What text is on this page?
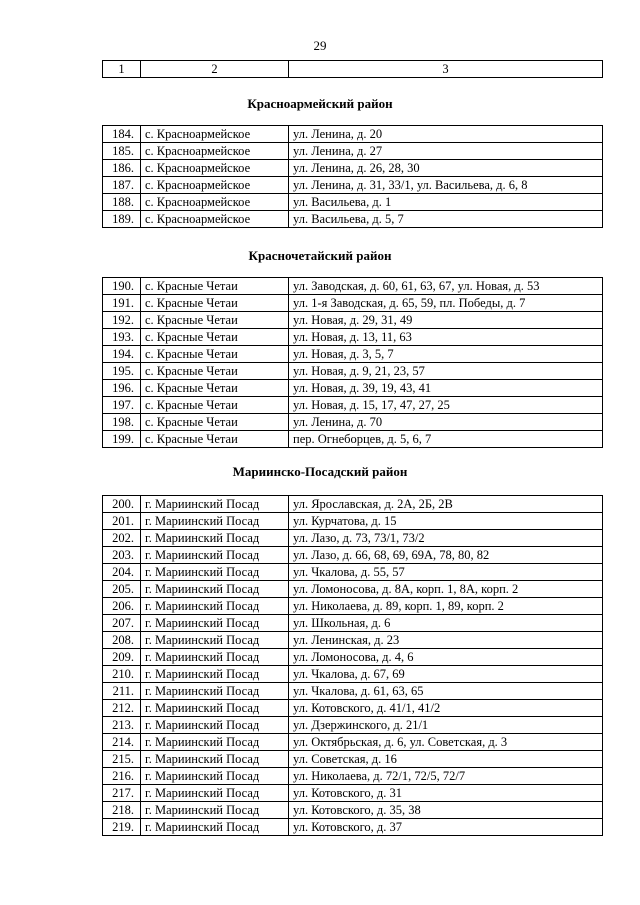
29
1	2	3
Красноармейский район
184.	с. Красноармейское	ул. Ленина, д. 20
185.	с. Красноармейское	ул. Ленина, д. 27
186.	с. Красноармейское	ул. Ленина, д. 26, 28, 30
187.	с. Красноармейское	ул. Ленина, д. 31, 33/1, ул. Васильева, д. 6, 8
188.	с. Красноармейское	ул. Васильева, д. 1
189.	с. Красноармейское	ул. Васильева, д. 5, 7
Красночетайский район
190.	с. Красные Четаи	ул. Заводская, д. 60, 61, 63, 67, ул. Новая, д. 53
191.	с. Красные Четаи	ул. 1-я Заводская, д. 65, 59, пл. Победы, д. 7
192.	с. Красные Четаи	ул. Новая, д. 29, 31, 49
193.	с. Красные Четаи	ул. Новая, д. 13, 11, 63
194.	с. Красные Четаи	ул. Новая, д. 3, 5, 7
195.	с. Красные Четаи	ул. Новая, д. 9, 21, 23, 57
196.	с. Красные Четаи	ул. Новая, д. 39, 19, 43, 41
197.	с. Красные Четаи	ул. Новая, д. 15, 17, 47, 27, 25
198.	с. Красные Четаи	ул. Ленина, д. 70
199.	с. Красные Четаи	пер. Огнеборцев, д. 5, 6, 7
Мариинско-Посадский район
200.	г. Мариинский Посад	ул. Ярославская, д. 2А, 2Б, 2В
201.	г. Мариинский Посад	ул. Курчатова, д. 15
202.	г. Мариинский Посад	ул. Лазо, д. 73, 73/1, 73/2
203.	г. Мариинский Посад	ул. Лазо, д. 66, 68, 69, 69А, 78, 80, 82
204.	г. Мариинский Посад	ул. Чкалова, д. 55, 57
205.	г. Мариинский Посад	ул. Ломоносова, д. 8А, корп. 1, 8А, корп. 2
206.	г. Мариинский Посад	ул. Николаева, д. 89, корп. 1, 89, корп. 2
207.	г. Мариинский Посад	ул. Школьная, д. 6
208.	г. Мариинский Посад	ул. Ленинская, д. 23
209.	г. Мариинский Посад	ул. Ломоносова, д. 4, 6
210.	г. Мариинский Посад	ул. Чкалова, д. 67, 69
211.	г. Мариинский Посад	ул. Чкалова, д. 61, 63, 65
212.	г. Мариинский Посад	ул. Котовского, д. 41/1, 41/2
213.	г. Мариинский Посад	ул. Дзержинского, д. 21/1
214.	г. Мариинский Посад	ул. Октябрьская, д. 6, ул. Советская, д. 3
215.	г. Мариинский Посад	ул. Советская, д. 16
216.	г. Мариинский Посад	ул. Николаева, д. 72/1, 72/5, 72/7
217.	г. Мариинский Посад	ул. Котовского, д. 31
218.	г. Мариинский Посад	ул. Котовского, д. 35, 38
219.	г. Мариинский Посад	ул. Котовского, д. 37
